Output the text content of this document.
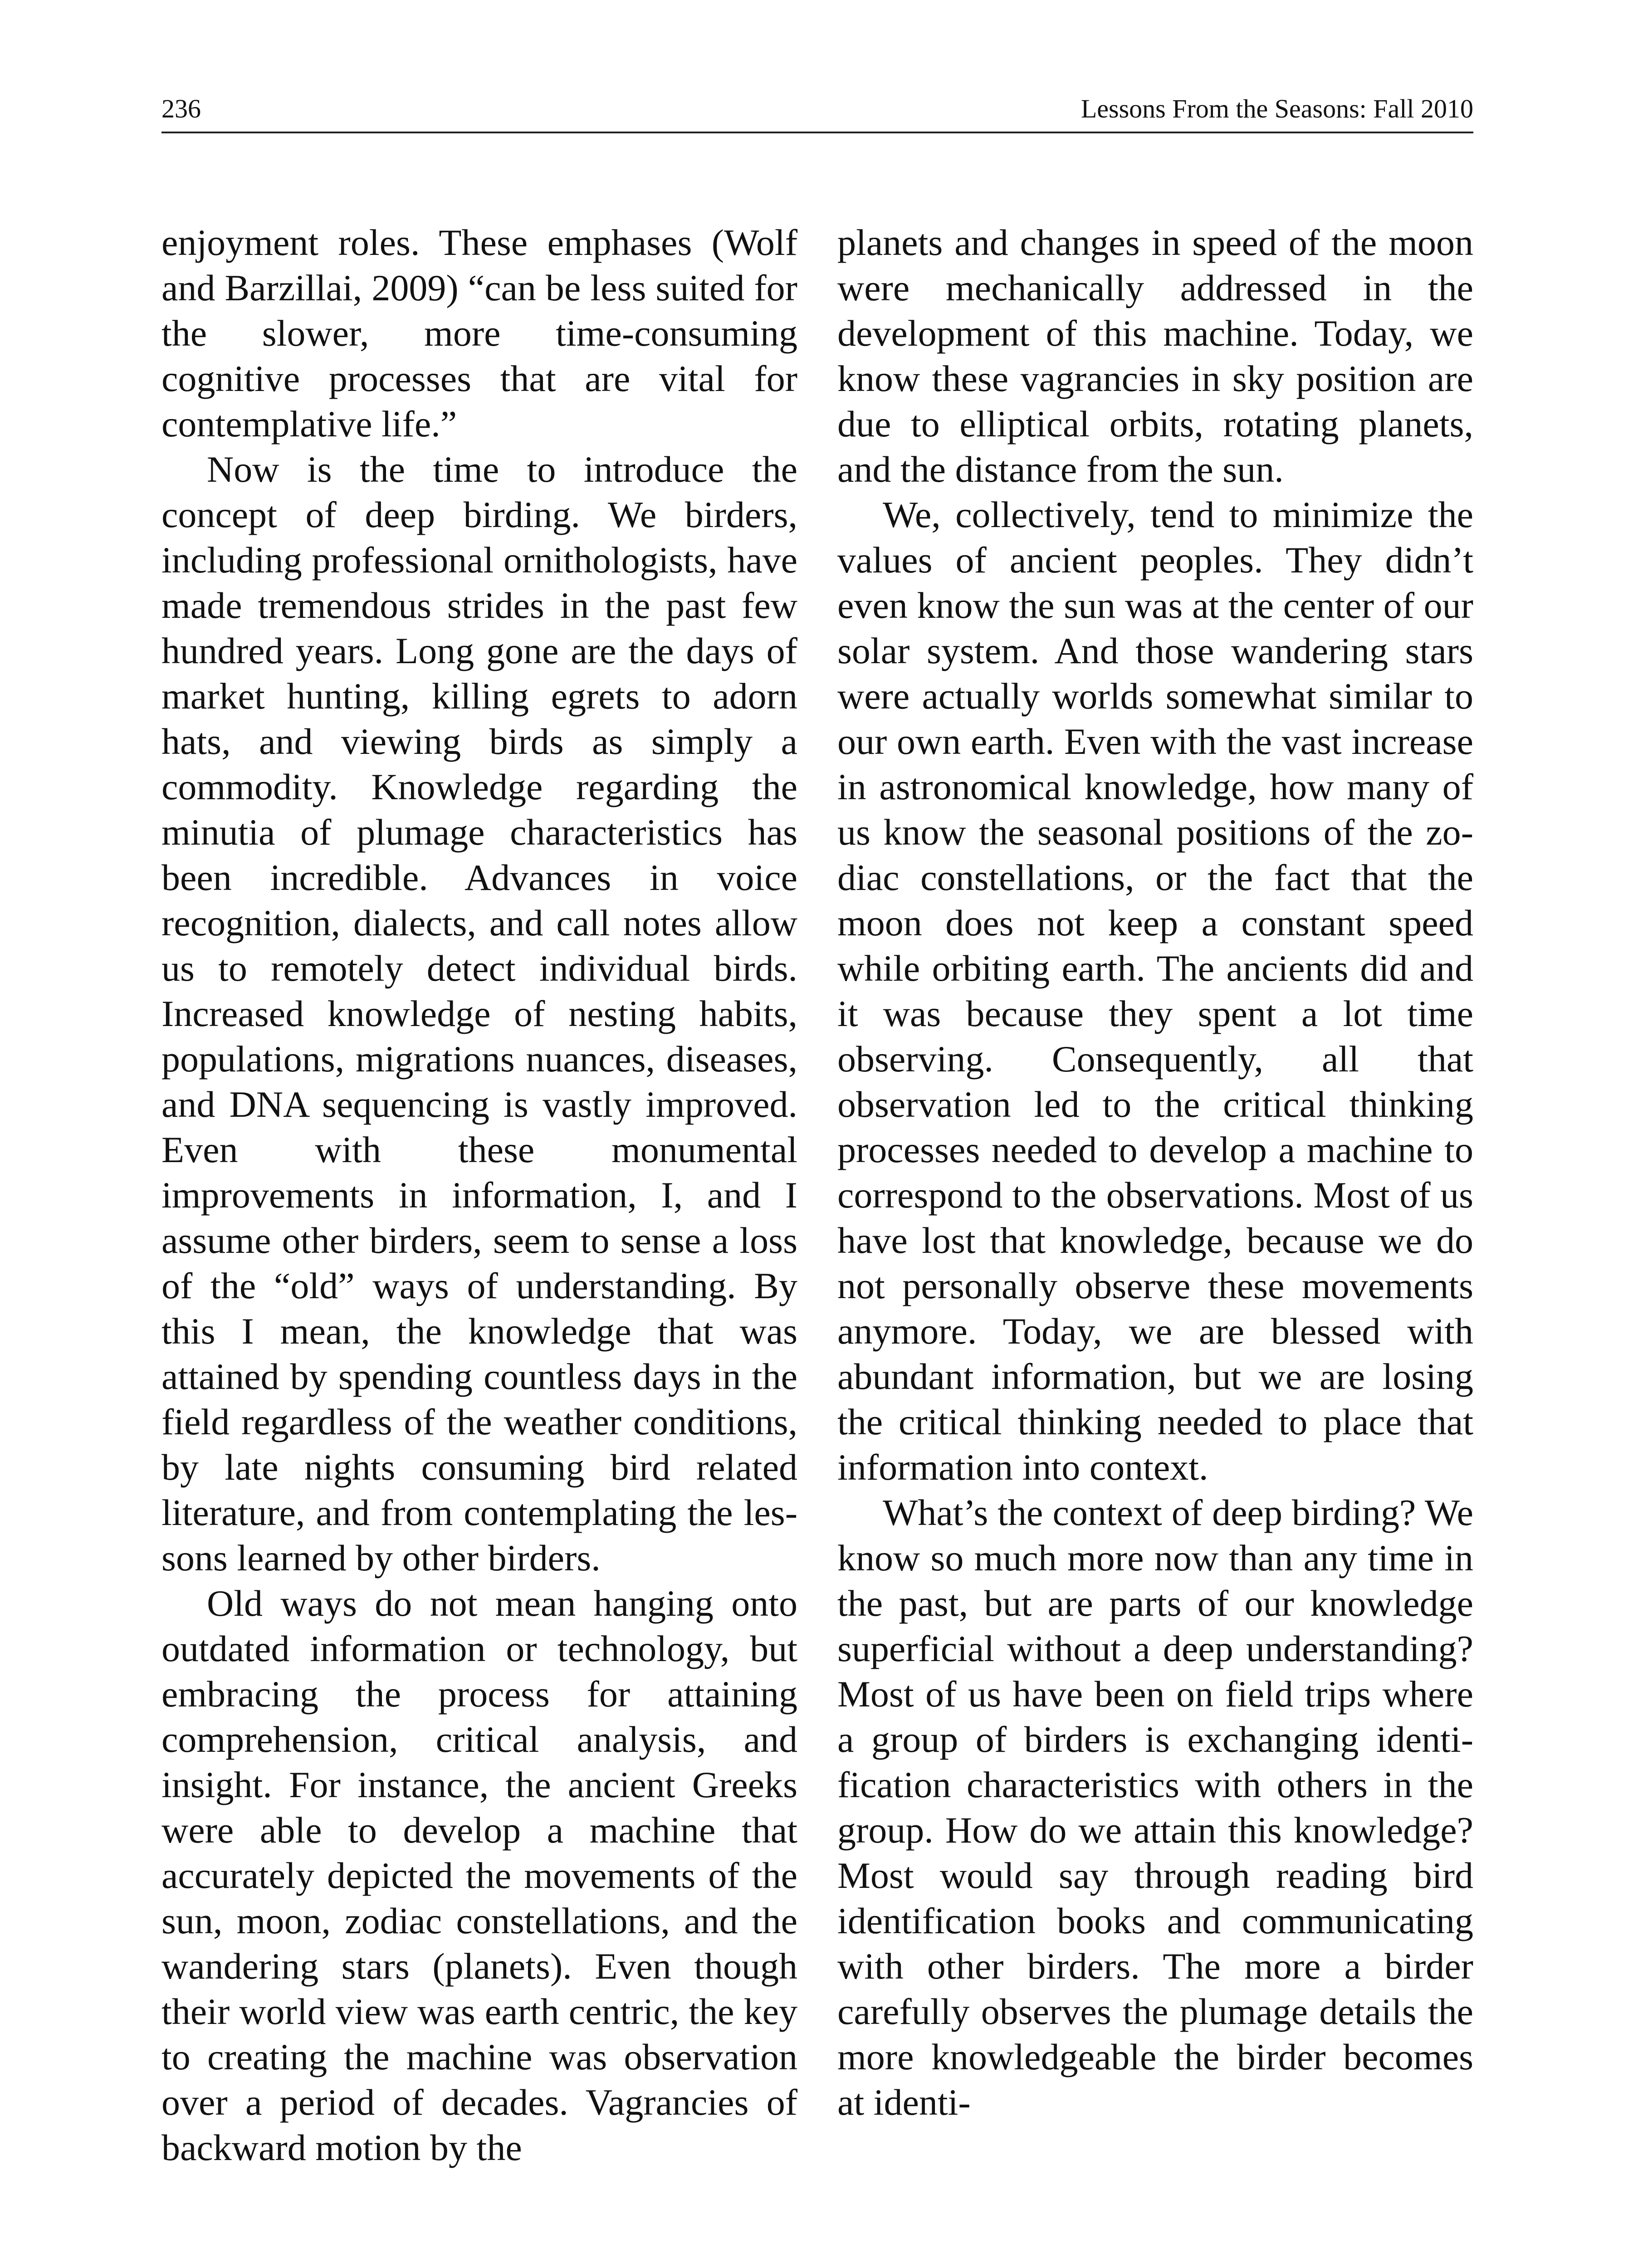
236	Lessons From the Seasons: Fall 2010

enjoyment roles. These emphases (Wolf and Barzillai, 2009) “can be less suited for the slower, more time-consuming cognitive processes that are vital for contemplative life.”

Now is the time to introduce the concept of deep birding. We birders, including professional ornithologists, have made tremendous strides in the past few hundred years. Long gone are the days of market hunting, killing egrets to adorn hats, and viewing birds as simply a commodity. Knowledge regarding the minutia of plumage characteristics has been incredible. Advances in voice recognition, dialects, and call notes allow us to remotely detect individual birds. Increased knowledge of nesting habits, populations, migrations nuances, diseases, and DNA sequencing is vastly improved. Even with these monumental improvements in information, I, and I assume other birders, seem to sense a loss of the “old” ways of understanding. By this I mean, the knowledge that was attained by spending countless days in the field regardless of the weather conditions, by late nights consuming bird related literature, and from contemplating the lessons learned by other birders.

Old ways do not mean hanging onto outdated information or technology, but embracing the process for attaining comprehension, critical analysis, and insight. For instance, the ancient Greeks were able to develop a machine that accurately depicted the movements of the sun, moon, zodiac constellations, and the wandering stars (planets). Even though their world view was earth centric, the key to creating the machine was observation over a period of decades. Vagrancies of backward motion by the

planets and changes in speed of the moon were mechanically addressed in the development of this machine. Today, we know these vagrancies in sky position are due to elliptical orbits, rotating planets, and the distance from the sun.

We, collectively, tend to minimize the values of ancient peoples. They didn’t even know the sun was at the center of our solar system. And those wandering stars were actually worlds somewhat similar to our own earth. Even with the vast increase in astronomical knowledge, how many of us know the seasonal positions of the zodiac constellations, or the fact that the moon does not keep a constant speed while orbiting earth. The ancients did and it was because they spent a lot time observing. Consequently, all that observation led to the critical thinking processes needed to develop a machine to correspond to the observations. Most of us have lost that knowledge, because we do not personally observe these movements anymore. Today, we are blessed with abundant information, but we are losing the critical thinking needed to place that information into context.

What’s the context of deep birding? We know so much more now than any time in the past, but are parts of our knowledge superficial without a deep understanding? Most of us have been on field trips where a group of birders is exchanging identification characteristics with others in the group. How do we attain this knowledge? Most would say through reading bird identification books and communicating with other birders. The more a birder carefully observes the plumage details the more knowledgeable the birder becomes at identi-
